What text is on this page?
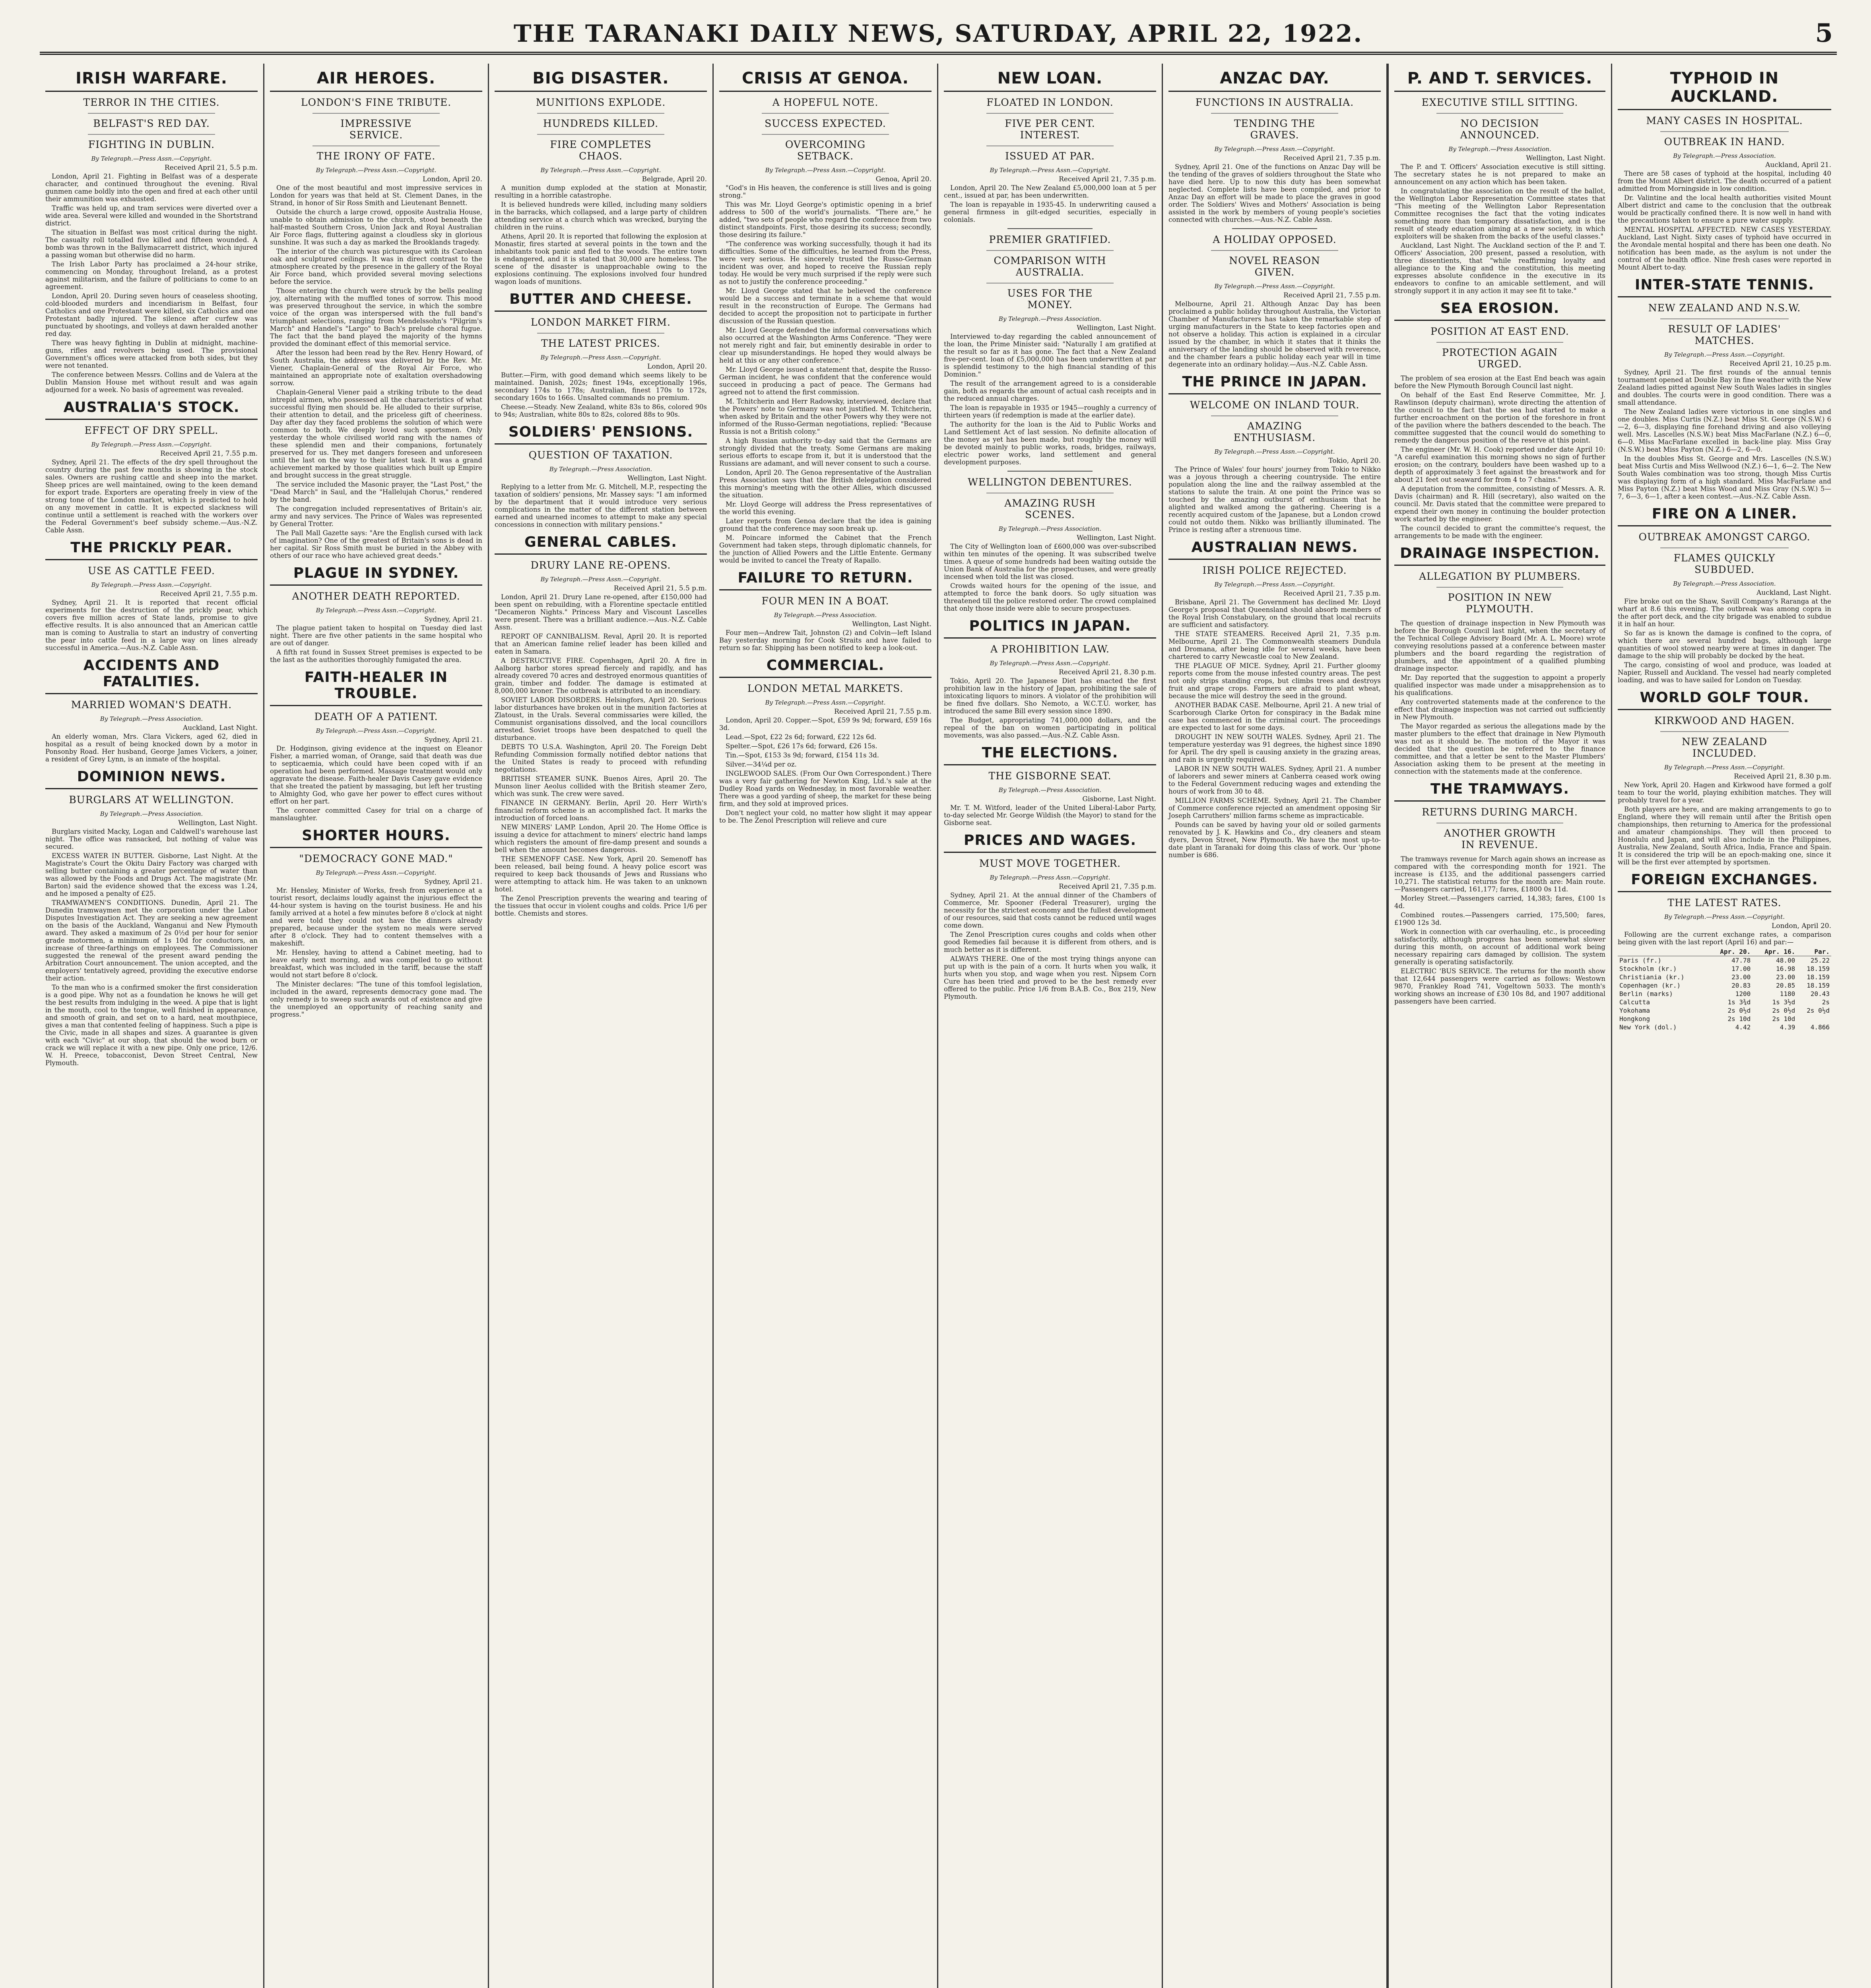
THE TARANAKI DAILY NEWS, SATURDAY, APRIL 22, 1922.	5
IRISH WARFARE.
TERROR IN THE CITIES.
BELFAST'S RED DAY.
FIGHTING IN DUBLIN.
By Telegraph.—Press Assn.—Copyright.
Received April 21, 5.5 p.m.

London, April 21. Fighting in Belfast was of a desperate character, and continued throughout the evening. Rival gunmen came boldly into the open and fired at each other until their ammunition was exhausted.

Traffic was held up, and tram services were diverted over a wide area. Several were killed and wounded in the Shortstrand district.

The situation in Belfast was most critical during the night. The casualty roll totalled five killed and fifteen wounded. A bomb was thrown in the Ballymacarrett district, which injured a passing woman but otherwise did no harm.

The Irish Labor Party has proclaimed a 24-hour strike, commencing on Monday, throughout Ireland, as a protest against militarism, and the failure of politicians to come to an agreement.

London, April 20. During seven hours of ceaseless shooting, cold-blooded murders and incendiarism in Belfast, four Catholics and one Protestant were killed, six Catholics and one Protestant badly injured. The silence after curfew was punctuated by shootings, and volleys at dawn heralded another red day.

There was heavy fighting in Dublin at midnight, machine-guns, rifles and revolvers being used. The provisional Government's offices were attacked from both sides, but they were not tenanted.

The conference between Messrs. Collins and de Valera at the Dublin Mansion House met without result and was again adjourned for a week. No basis of agreement was revealed.

AUSTRALIA'S STOCK.
EFFECT OF DRY SPELL.
By Telegraph.—Press Assn.—Copyright.
Received April 21, 7.55 p.m.

Sydney, April 21. The effects of the dry spell throughout the country during the past few months is showing in the stock sales. Owners are rushing cattle and sheep into the market. Sheep prices are well maintained, owing to the keen demand for export trade. Exporters are operating freely in view of the strong tone of the London market, which is predicted to hold on any movement in cattle. It is expected slackness will continue until a settlement is reached with the workers over the Federal Government's beef subsidy scheme.—Aus.-N.Z. Cable Assn.

THE PRICKLY PEAR.
USE AS CATTLE FEED.
By Telegraph.—Press Assn.—Copyright.
Received April 21, 7.55 p.m.

Sydney, April 21. It is reported that recent official experiments for the destruction of the prickly pear, which covers five million acres of State lands, promise to give effective results. It is also announced that an American cattle man is coming to Australia to start an industry of converting the pear into cattle feed in a large way on lines already successful in America.—Aus.-N.Z. Cable Assn.

ACCIDENTS AND FATALITIES.
MARRIED WOMAN'S DEATH.
By Telegraph.—Press Association.
Auckland, Last Night.

An elderly woman, Mrs. Clara Vickers, aged 62, died in hospital as a result of being knocked down by a motor in Ponsonby Road. Her husband, George James Vickers, a joiner, a resident of Grey Lynn, is an inmate of the hospital.

DOMINION NEWS.
BURGLARS AT WELLINGTON.
By Telegraph.—Press Association.
Wellington, Last Night.

Burglars visited Macky, Logan and Caldwell's warehouse last night. The office was ransacked, but nothing of value was secured.

EXCESS WATER IN BUTTER. Gisborne, Last Night. At the Magistrate's Court the Okitu Dairy Factory was charged with selling butter containing a greater percentage of water than was allowed by the Foods and Drugs Act. The magistrate (Mr. Barton) said the evidence showed that the excess was 1.24, and he imposed a penalty of £25.

TRAMWAYMEN'S CONDITIONS. Dunedin, April 21. The Dunedin tramwaymen met the corporation under the Labor Disputes Investigation Act. They are seeking a new agreement on the basis of the Auckland, Wanganui and New Plymouth award. They asked a maximum of 2s 0½d per hour for senior grade motormen, a minimum of 1s 10d for conductors, an increase of three-farthings on employees. The Commissioner suggested the renewal of the present award pending the Arbitration Court announcement. The union accepted, and the employers' tentatively agreed, providing the executive endorse their action.

To the man who is a confirmed smoker the first consideration is a good pipe. Why not as a foundation he knows he will get the best results from indulging in the weed. A pipe that is light in the mouth, cool to the tongue, well finished in appearance, and smooth of grain, and set on to a hard, neat mouthpiece, gives a man that contented feeling of happiness. Such a pipe is the Civic, made in all shapes and sizes. A guarantee is given with each "Civic" at our shop, that should the wood burn or crack we will replace it with a new pipe. Only one price, 12/6. W. H. Preece, tobacconist, Devon Street Central, New Plymouth.

AIR HEROES.
LONDON'S FINE TRIBUTE.
IMPRESSIVE SERVICE.
THE IRONY OF FATE.
By Telegraph.—Press Assn.—Copyright.
London, April 20.

One of the most beautiful and most impressive services in London for years was that held at St. Clement Danes, in the Strand, in honor of Sir Ross Smith and Lieutenant Bennett.

Outside the church a large crowd, opposite Australia House, unable to obtain admission to the church, stood beneath the half-masted Southern Cross, Union Jack and Royal Australian Air Force flags, fluttering against a cloudless sky in glorious sunshine. It was such a day as marked the Brooklands tragedy.

The interior of the church was picturesque with its Carolean oak and sculptured ceilings. It was in direct contrast to the atmosphere created by the presence in the gallery of the Royal Air Force band, which provided several moving selections before the service.

Those entering the church were struck by the bells pealing joy, alternating with the muffled tones of sorrow. This mood was preserved throughout the service, in which the sombre voice of the organ was interspersed with the full band's triumphant selections, ranging from Mendelssohn's "Pilgrim's March" and Handel's "Largo" to Bach's prelude choral fugue. The fact that the band played the majority of the hymns provided the dominant effect of this memorial service.

After the lesson had been read by the Rev. Henry Howard, of South Australia, the address was delivered by the Rev. Mr. Viener, Chaplain-General of the Royal Air Force, who maintained an appropriate note of exaltation overshadowing sorrow.

Chaplain-General Viener paid a striking tribute to the dead intrepid airmen, who possessed all the characteristics of what successful flying men should be. He alluded to their surprise, their attention to detail, and the priceless gift of cheeriness. Day after day they faced problems the solution of which were common to both. We deeply loved such sportsmen. Only yesterday the whole civilised world rang with the names of these splendid men and their companions, fortunately preserved for us. They met dangers foreseen and unforeseen until the last on the way to their latest task. It was a grand achievement marked by those qualities which built up Empire and brought success in the great struggle.

The service included the Masonic prayer, the "Last Post," the "Dead March" in Saul, and the "Hallelujah Chorus," rendered by the band.

The congregation included representatives of Britain's air, army and navy services. The Prince of Wales was represented by General Trotter.

The Pall Mall Gazette says: "Are the English cursed with lack of imagination? One of the greatest of Britain's sons is dead in her capital. Sir Ross Smith must be buried in the Abbey with others of our race who have achieved great deeds."

PLAGUE IN SYDNEY.
ANOTHER DEATH REPORTED.
By Telegraph.—Press Assn.—Copyright.
Sydney, April 21.

The plague patient taken to hospital on Tuesday died last night. There are five other patients in the same hospital who are out of danger.

A fifth rat found in Sussex Street premises is expected to be the last as the authorities thoroughly fumigated the area.

FAITH-HEALER IN TROUBLE.
DEATH OF A PATIENT.
By Telegraph.—Press Assn.—Copyright.
Sydney, April 21.

Dr. Hodginson, giving evidence at the inquest on Eleanor Fisher, a married woman, of Orange, said that death was due to septicaemia, which could have been coped with if an operation had been performed. Massage treatment would only aggravate the disease. Faith-healer Davis Casey gave evidence that she treated the patient by massaging, but left her trusting to Almighty God, who gave her power to effect cures without effort on her part.

The coroner committed Casey for trial on a charge of manslaughter.

SHORTER HOURS.
"DEMOCRACY GONE MAD."
By Telegraph.—Press Assn.—Copyright.
Sydney, April 21.

Mr. Hensley, Minister of Works, fresh from experience at a tourist resort, declaims loudly against the injurious effect the 44-hour system is having on the tourist business. He and his family arrived at a hotel a few minutes before 8 o'clock at night and were told they could not have the dinners already prepared, because under the system no meals were served after 8 o'clock. They had to content themselves with a makeshift.

Mr. Hensley, having to attend a Cabinet meeting, had to leave early next morning, and was compelled to go without breakfast, which was included in the tariff, because the staff would not start before 8 o'clock.

The Minister declares: "The tune of this tomfool legislation, included in the award, represents democracy gone mad. The only remedy is to sweep such awards out of existence and give the unemployed an opportunity of reaching sanity and progress."

BIG DISASTER.
MUNITIONS EXPLODE.
HUNDREDS KILLED.
FIRE COMPLETES CHAOS.
By Telegraph.—Press Assn.—Copyright.
Belgrade, April 20.

A munition dump exploded at the station at Monastir, resulting in a horrible catastrophe.

It is believed hundreds were killed, including many soldiers in the barracks, which collapsed, and a large party of children attending service at a church which was wrecked, burying the children in the ruins.

Athens, April 20. It is reported that following the explosion at Monastir, fires started at several points in the town and the inhabitants took panic and fled to the woods. The entire town is endangered, and it is stated that 30,000 are homeless. The scene of the disaster is unapproachable owing to the explosions continuing. The explosions involved four hundred wagon loads of munitions.

BUTTER AND CHEESE.
LONDON MARKET FIRM.
THE LATEST PRICES.
By Telegraph.—Press Assn.—Copyright.
London, April 20.

Butter.—Firm, with good demand which seems likely to be maintained. Danish, 202s; finest 194s, exceptionally 196s, secondary 174s to 178s; Australian, finest 170s to 172s, secondary 160s to 166s. Unsalted commands no premium.

Cheese.—Steady. New Zealand, white 83s to 86s, colored 90s to 94s; Australian, white 80s to 82s, colored 88s to 90s.

SOLDIERS' PENSIONS.
QUESTION OF TAXATION.
By Telegraph.—Press Association.
Wellington, Last Night.

Replying to a letter from Mr. G. Mitchell, M.P., respecting the taxation of soldiers' pensions, Mr. Massey says: "I am informed by the department that it would introduce very serious complications in the matter of the different station between earned and unearned incomes to attempt to make any special concessions in connection with military pensions."

GENERAL CABLES.
DRURY LANE RE-OPENS.
By Telegraph.—Press Assn.—Copyright.
Received April 21, 5.5 p.m.

London, April 21. Drury Lane re-opened, after £150,000 had been spent on rebuilding, with a Florentine spectacle entitled "Decameron Nights." Princess Mary and Viscount Lascelles were present. There was a brilliant audience.—Aus.-N.Z. Cable Assn.

REPORT OF CANNIBALISM. Reval, April 20. It is reported that an American famine relief leader has been killed and eaten in Samara.

A DESTRUCTIVE FIRE. Copenhagen, April 20. A fire in Aalborg harbor stores spread fiercely and rapidly, and has already covered 70 acres and destroyed enormous quantities of grain, timber and fodder. The damage is estimated at 8,000,000 kroner. The outbreak is attributed to an incendiary.

SOVIET LABOR DISORDERS. Helsingfors, April 20. Serious labor disturbances have broken out in the munition factories at Zlatoust, in the Urals. Several commissaries were killed, the Communist organisations dissolved, and the local councillors arrested. Soviet troops have been despatched to quell the disturbance.

DEBTS TO U.S.A. Washington, April 20. The Foreign Debt Refunding Commission formally notified debtor nations that the United States is ready to proceed with refunding negotiations.

BRITISH STEAMER SUNK. Buenos Aires, April 20. The Munson liner Aeolus collided with the British steamer Zero, which was sunk. The crew were saved.

FINANCE IN GERMANY. Berlin, April 20. Herr Wirth's financial reform scheme is an accomplished fact. It marks the introduction of forced loans.

NEW MINERS' LAMP. London, April 20. The Home Office is issuing a device for attachment to miners' electric hand lamps which registers the amount of fire-damp present and sounds a bell when the amount becomes dangerous.

THE SEMENOFF CASE. New York, April 20. Semenoff has been released, bail being found. A heavy police escort was required to keep back thousands of Jews and Russians who were attempting to attack him. He was taken to an unknown hotel.

The Zenol Prescription prevents the wearing and tearing of the tissues that occur in violent coughs and colds. Price 1/6 per bottle. Chemists and stores.

CRISIS AT GENOA.
A HOPEFUL NOTE.
SUCCESS EXPECTED.
OVERCOMING SETBACK.
By Telegraph.—Press Assn.—Copyright.
Genoa, April 20.

"God's in His heaven, the conference is still lives and is going strong."

This was Mr. Lloyd George's optimistic opening in a brief address to 500 of the world's journalists. "There are," he added, "two sets of people who regard the conference from two distinct standpoints. First, those desiring its success; secondly, those desiring its failure."

"The conference was working successfully, though it had its difficulties. Some of the difficulties, he learned from the Press, were very serious. He sincerely trusted the Russo-German incident was over, and hoped to receive the Russian reply today. He would be very much surprised if the reply were such as not to justify the conference proceeding."

Mr. Lloyd George stated that he believed the conference would be a success and terminate in a scheme that would result in the reconstruction of Europe. The Germans had decided to accept the proposition not to participate in further discussion of the Russian question.

Mr. Lloyd George defended the informal conversations which also occurred at the Washington Arms Conference. "They were not merely right and fair, but eminently desirable in order to clear up misunderstandings. He hoped they would always be held at this or any other conference."

Mr. Lloyd George issued a statement that, despite the Russo-German incident, he was confident that the conference would succeed in producing a pact of peace. The Germans had agreed not to attend the first commission.

M. Tchitcherin and Herr Radowsky, interviewed, declare that the Powers' note to Germany was not justified. M. Tchitcherin, when asked by Britain and the other Powers why they were not informed of the Russo-German negotiations, replied: "Because Russia is not a British colony."

A high Russian authority to-day said that the Germans are strongly divided that the treaty. Some Germans are making serious efforts to escape from it, but it is understood that the Russians are adamant, and will never consent to such a course.

London, April 20. The Genoa representative of the Australian Press Association says that the British delegation considered this morning's meeting with the other Allies, which discussed the situation.

Mr. Lloyd George will address the Press representatives of the world this evening.

Later reports from Genoa declare that the idea is gaining ground that the conference may soon break up.

M. Poincare informed the Cabinet that the French Government had taken steps, through diplomatic channels, for the junction of Allied Powers and the Little Entente. Germany would be invited to cancel the Treaty of Rapallo.

FAILURE TO RETURN.
FOUR MEN IN A BOAT.
By Telegraph.—Press Association.
Wellington, Last Night.

Four men—Andrew Tait, Johnston (2) and Colvin—left Island Bay yesterday morning for Cook Straits and have failed to return so far. Shipping has been notified to keep a look-out.

COMMERCIAL.
LONDON METAL MARKETS.
By Telegraph.—Press Assn.—Copyright.
Received April 21, 7.55 p.m.

London, April 20. Copper.—Spot, £59 9s 9d; forward, £59 16s 3d.

Lead.—Spot, £22 2s 6d; forward, £22 12s 6d.

Spelter.—Spot, £26 17s 6d; forward, £26 15s.

Tin.—Spot, £153 3s 9d; forward, £154 11s 3d.

Silver.—34¼d per oz.

INGLEWOOD SALES. (From Our Own Correspondent.) There was a very fair gathering for Newton King, Ltd.'s sale at the Dudley Road yards on Wednesday, in most favorable weather. There was a good yarding of sheep, the market for these being firm, and they sold at improved prices.

Don't neglect your cold, no matter how slight it may appear to be. The Zenol Prescription will relieve and cure

NEW LOAN.
FLOATED IN LONDON.
FIVE PER CENT. INTEREST.
ISSUED AT PAR.
By Telegraph.—Press Assn.—Copyright.
Received April 21, 7.35 p.m.

London, April 20. The New Zealand £5,000,000 loan at 5 per cent., issued at par, has been underwritten.

The loan is repayable in 1935-45. In underwriting caused a general firmness in gilt-edged securities, especially in colonials.

PREMIER GRATIFIED.
COMPARISON WITH AUSTRALIA.
USES FOR THE MONEY.
By Telegraph.—Press Association.
Wellington, Last Night.

Interviewed to-day regarding the cabled announcement of the loan, the Prime Minister said: "Naturally I am gratified at the result so far as it has gone. The fact that a New Zealand five-per-cent. loan of £5,000,000 has been underwritten at par is splendid testimony to the high financial standing of this Dominion."

The result of the arrangement agreed to is a considerable gain, both as regards the amount of actual cash receipts and in the reduced annual charges.

The loan is repayable in 1935 or 1945—roughly a currency of thirteen years (if redemption is made at the earlier date).

The authority for the loan is the Aid to Public Works and Land Settlement Act of last session. No definite allocation of the money as yet has been made, but roughly the money will be devoted mainly to public works, roads, bridges, railways, electric power works, land settlement and general development purposes.

WELLINGTON DEBENTURES.
AMAZING RUSH SCENES.
By Telegraph.—Press Association.
Wellington, Last Night.

The City of Wellington loan of £600,000 was over-subscribed within ten minutes of the opening. It was subscribed twelve times. A queue of some hundreds had been waiting outside the Union Bank of Australia for the prospectuses, and were greatly incensed when told the list was closed.

Crowds waited hours for the opening of the issue, and attempted to force the bank doors. So ugly situation was threatened till the police restored order. The crowd complained that only those inside were able to secure prospectuses.

POLITICS IN JAPAN.
A PROHIBITION LAW.
By Telegraph.—Press Assn.—Copyright.
Received April 21, 8.30 p.m.

Tokio, April 20. The Japanese Diet has enacted the first prohibition law in the history of Japan, prohibiting the sale of intoxicating liquors to minors. A violator of the prohibition will be fined five dollars. Sho Nemoto, a W.C.T.U. worker, has introduced the same Bill every session since 1890.

The Budget, appropriating 741,000,000 dollars, and the repeal of the ban on women participating in political movements, was also passed.—Aus.-N.Z. Cable Assn.

THE ELECTIONS.
THE GISBORNE SEAT.
By Telegraph.—Press Association.
Gisborne, Last Night.

Mr. T. M. Witford, leader of the United Liberal-Labor Party, to-day selected Mr. George Wildish (the Mayor) to stand for the Gisborne seat.

PRICES AND WAGES.
MUST MOVE TOGETHER.
By Telegraph.—Press Assn.—Copyright.
Received April 21, 7.35 p.m.

Sydney, April 21. At the annual dinner of the Chambers of Commerce, Mr. Spooner (Federal Treasurer), urging the necessity for the strictest economy and the fullest development of our resources, said that costs cannot be reduced until wages come down.

The Zenol Prescription cures coughs and colds when other good Remedies fail because it is different from others, and is much better as it is different.

ALWAYS THERE. One of the most trying things anyone can put up with is the pain of a corn. It hurts when you walk, it hurts when you stop, and wage when you rest. Nipsem Corn Cure has been tried and proved to be the best remedy ever offered to the public. Price 1/6 from B.A.B. Co., Box 219, New Plymouth.

ANZAC DAY.
FUNCTIONS IN AUSTRALIA.
TENDING THE GRAVES.
By Telegraph.—Press Assn.—Copyright.
Received April 21, 7.35 p.m.

Sydney, April 21. One of the functions on Anzac Day will be the tending of the graves of soldiers throughout the State who have died here. Up to now this duty has been somewhat neglected. Complete lists have been compiled, and prior to Anzac Day an effort will be made to place the graves in good order. The Soldiers' Wives and Mothers' Association is being assisted in the work by members of young people's societies connected with churches.—Aus.-N.Z. Cable Assn.

A HOLIDAY OPPOSED.
NOVEL REASON GIVEN.
By Telegraph.—Press Assn.—Copyright.
Received April 21, 7.55 p.m.

Melbourne, April 21. Although Anzac Day has been proclaimed a public holiday throughout Australia, the Victorian Chamber of Manufacturers has taken the remarkable step of urging manufacturers in the State to keep factories open and not observe a holiday. This action is explained in a circular issued by the chamber, in which it states that it thinks the anniversary of the landing should be observed with reverence, and the chamber fears a public holiday each year will in time degenerate into an ordinary holiday.—Aus.-N.Z. Cable Assn.

THE PRINCE IN JAPAN.
WELCOME ON INLAND TOUR.
AMAZING ENTHUSIASM.
By Telegraph.—Press Assn.—Copyright.
Tokio, April 20.

The Prince of Wales' four hours' journey from Tokio to Nikko was a joyous through a cheering countryside. The entire population along the line and the railway assembled at the stations to salute the train. At one point the Prince was so touched by the amazing outburst of enthusiasm that he alighted and walked among the gathering. Cheering is a recently acquired custom of the Japanese, but a London crowd could not outdo them. Nikko was brilliantly illuminated. The Prince is resting after a strenuous time.

AUSTRALIAN NEWS.
IRISH POLICE REJECTED.
By Telegraph.—Press Assn.—Copyright.
Received April 21, 7.35 p.m.

Brisbane, April 21. The Government has declined Mr. Lloyd George's proposal that Queensland should absorb members of the Royal Irish Constabulary, on the ground that local recruits are sufficient and satisfactory.

THE STATE STEAMERS. Received April 21, 7.35 p.m. Melbourne, April 21. The Commonwealth steamers Dundula and Dromana, after being idle for several weeks, have been chartered to carry Newcastle coal to New Zealand.

THE PLAGUE OF MICE. Sydney, April 21. Further gloomy reports come from the mouse infested country areas. The pest not only strips standing crops, but climbs trees and destroys fruit and grape crops. Farmers are afraid to plant wheat, because the mice will destroy the seed in the ground.

ANOTHER BADAK CASE. Melbourne, April 21. A new trial of Scarborough Clarke Orton for conspiracy in the Badak mine case has commenced in the criminal court. The proceedings are expected to last for some days.

DROUGHT IN NEW SOUTH WALES. Sydney, April 21. The temperature yesterday was 91 degrees, the highest since 1890 for April. The dry spell is causing anxiety in the grazing areas, and rain is urgently required.

LABOR IN NEW SOUTH WALES. Sydney, April 21. A number of laborers and sewer miners at Canberra ceased work owing to the Federal Government reducing wages and extending the hours of work from 30 to 48.

MILLION FARMS SCHEME. Sydney, April 21. The Chamber of Commerce conference rejected an amendment opposing Sir Joseph Carruthers' million farms scheme as impracticable.

Pounds can be saved by having your old or soiled garments renovated by J. K. Hawkins and Co., dry cleaners and steam dyers, Devon Street, New Plymouth. We have the most up-to-date plant in Taranaki for doing this class of work. Our 'phone number is 686.

P. AND T. SERVICES.
EXECUTIVE STILL SITTING.
NO DECISION ANNOUNCED.
By Telegraph.—Press Association.
Wellington, Last Night.

The P. and T. Officers' Association executive is still sitting. The secretary states he is not prepared to make an announcement on any action which has been taken.

In congratulating the association on the result of the ballot, the Wellington Labor Representation Committee states that "This meeting of the Wellington Labor Representation Committee recognises the fact that the voting indicates something more than temporary dissatisfaction, and is the result of steady education aiming at a new society, in which exploiters will be shaken from the backs of the useful classes."

Auckland, Last Night. The Auckland section of the P. and T. Officers' Association, 200 present, passed a resolution, with three dissentients, that "while reaffirming loyalty and allegiance to the King and the constitution, this meeting expresses absolute confidence in the executive in its endeavors to confine to an amicable settlement, and will strongly support it in any action it may see fit to take."

SEA EROSION.
POSITION AT EAST END.
PROTECTION AGAIN URGED.

The problem of sea erosion at the East End beach was again before the New Plymouth Borough Council last night.

On behalf of the East End Reserve Committee, Mr. J. Rawlinson (deputy chairman), wrote directing the attention of the council to the fact that the sea had started to make a further encroachment on the portion of the foreshore in front of the pavilion where the bathers descended to the beach. The committee suggested that the council would do something to remedy the dangerous position of the reserve at this point.

The engineer (Mr. W. H. Cook) reported under date April 10: "A careful examination this morning shows no sign of further erosion; on the contrary, boulders have been washed up to a depth of approximately 3 feet against the breastwork and for about 21 feet out seaward for from 4 to 7 chains."

A deputation from the committee, consisting of Messrs. A. R. Davis (chairman) and R. Hill (secretary), also waited on the council. Mr. Davis stated that the committee were prepared to expend their own money in continuing the boulder protection work started by the engineer.

The council decided to grant the committee's request, the arrangements to be made with the engineer.

DRAINAGE INSPECTION.
ALLEGATION BY PLUMBERS.
POSITION IN NEW PLYMOUTH.

The question of drainage inspection in New Plymouth was before the Borough Council last night, when the secretary of the Technical College Advisory Board (Mr. A. L. Moore) wrote conveying resolutions passed at a conference between master plumbers and the board regarding the registration of plumbers, and the appointment of a qualified plumbing drainage inspector.

Mr. Day reported that the suggestion to appoint a properly qualified inspector was made under a misapprehension as to his qualifications.

Any controverted statements made at the conference to the effect that drainage inspection was not carried out sufficiently in New Plymouth.

The Mayor regarded as serious the allegations made by the master plumbers to the effect that drainage in New Plymouth was not as it should be. The motion of the Mayor it was decided that the question be referred to the finance committee, and that a letter be sent to the Master Plumbers' Association asking them to be present at the meeting in connection with the statements made at the conference.

THE TRAMWAYS.
RETURNS DURING MARCH.
ANOTHER GROWTH IN REVENUE.

The tramways revenue for March again shows an increase as compared with the corresponding month for 1921. The increase is £135, and the additional passengers carried 10,271. The statistical returns for the month are: Main route.—Passengers carried, 161,177; fares, £1800 0s 11d.

Morley Street.—Passengers carried, 14,383; fares, £100 1s 4d.

Combined routes.—Passengers carried, 175,500; fares, £1900 12s 3d.

Work in connection with car overhauling, etc., is proceeding satisfactorily, although progress has been somewhat slower during this month, on account of additional work being necessary repairing cars damaged by collision. The system generally is operating satisfactorily.

ELECTRIC 'BUS SERVICE. The returns for the month show that 12,644 passengers were carried as follows: Westown 9870, Frankley Road 741, Vogeltown 5033. The month's working shows an increase of £30 10s 8d, and 1907 additional passengers have been carried.

TYPHOID IN AUCKLAND.
MANY CASES IN HOSPITAL.
OUTBREAK IN HAND.
By Telegraph.—Press Association.
Auckland, April 21.

There are 58 cases of typhoid at the hospital, including 40 from the Mount Albert district. The death occurred of a patient admitted from Morningside in low condition.

Dr. Valintine and the local health authorities visited Mount Albert district and came to the conclusion that the outbreak would be practically confined there. It is now well in hand with the precautions taken to ensure a pure water supply.

MENTAL HOSPITAL AFFECTED. NEW CASES YESTERDAY. Auckland, Last Night. Sixty cases of typhoid have occurred in the Avondale mental hospital and there has been one death. No notification has been made, as the asylum is not under the control of the health office. Nine fresh cases were reported in Mount Albert to-day.

INTER-STATE TENNIS.
NEW ZEALAND AND N.S.W.
RESULT OF LADIES' MATCHES.
By Telegraph.—Press Assn.—Copyright.
Received April 21, 10.25 p.m.

Sydney, April 21. The first rounds of the annual tennis tournament opened at Double Bay in fine weather with the New Zealand ladies pitted against New South Wales ladies in singles and doubles. The courts were in good condition. There was a small attendance.

The New Zealand ladies were victorious in one singles and one doubles. Miss Curtis (N.Z.) beat Miss St. George (N.S.W.) 6—2, 6—3, displaying fine forehand driving and also volleying well. Mrs. Lascelles (N.S.W.) beat Miss MacFarlane (N.Z.) 6—0, 6—0. Miss MacFarlane excelled in back-line play. Miss Gray (N.S.W.) beat Miss Payton (N.Z.) 6—2, 6—0.

In the doubles Miss St. George and Mrs. Lascelles (N.S.W.) beat Miss Curtis and Miss Wellwood (N.Z.) 6—1, 6—2. The New South Wales combination was too strong, though Miss Curtis was displaying form of a high standard. Miss MacFarlane and Miss Payton (N.Z.) beat Miss Wood and Miss Gray (N.S.W.) 5—7, 6—3, 6—1, after a keen contest.—Aus.-N.Z. Cable Assn.

FIRE ON A LINER.
OUTBREAK AMONGST CARGO.
FLAMES QUICKLY SUBDUED.
By Telegraph.—Press Association.
Auckland, Last Night.

Fire broke out on the Shaw, Savill Company's Raranga at the wharf at 8.6 this evening. The outbreak was among copra in the after port deck, and the city brigade was enabled to subdue it in half an hour.

So far as is known the damage is confined to the copra, of which there are several hundred bags, although large quantities of wool stowed nearby were at times in danger. The damage to the ship will probably be docked by the heat.

The cargo, consisting of wool and produce, was loaded at Napier, Russell and Auckland. The vessel had nearly completed loading, and was to have sailed for London on Tuesday.

WORLD GOLF TOUR.
KIRKWOOD AND HAGEN.
NEW ZEALAND INCLUDED.
By Telegraph.—Press Assn.—Copyright.
Received April 21, 8.30 p.m.

New York, April 20. Hagen and Kirkwood have formed a golf team to tour the world, playing exhibition matches. They will probably travel for a year.

Both players are here, and are making arrangements to go to England, where they will remain until after the British open championships, then returning to America for the professional and amateur championships. They will then proceed to Honolulu and Japan, and will also include in the Philippines, Australia, New Zealand, South Africa, India, France and Spain. It is considered the trip will be an epoch-making one, since it will be the first ever attempted by sportsmen.

FOREIGN EXCHANGES.
THE LATEST RATES.
By Telegraph.—Press Assn.—Copyright.
London, April 20.

Following are the current exchange rates, a comparison being given with the last report (April 16) and par:—

	Apr. 20.	Apr. 16.	Par.
Paris (fr.)	47.78	48.00	25.22
Stockholm (kr.)	17.00	16.98	18.159
Christiania (kr.)	23.00	23.00	18.159
Copenhagen (kr.)	20.83	20.85	18.159
Berlin (marks)	1200	1180	20.43
Calcutta	1s 3¾d	1s 3½d	2s
Yokohama	2s 0½d	2s 0½d	2s 0½d
Hongkong	2s 10d	2s 10d	
New York (dol.)	4.42	4.39	4.866
